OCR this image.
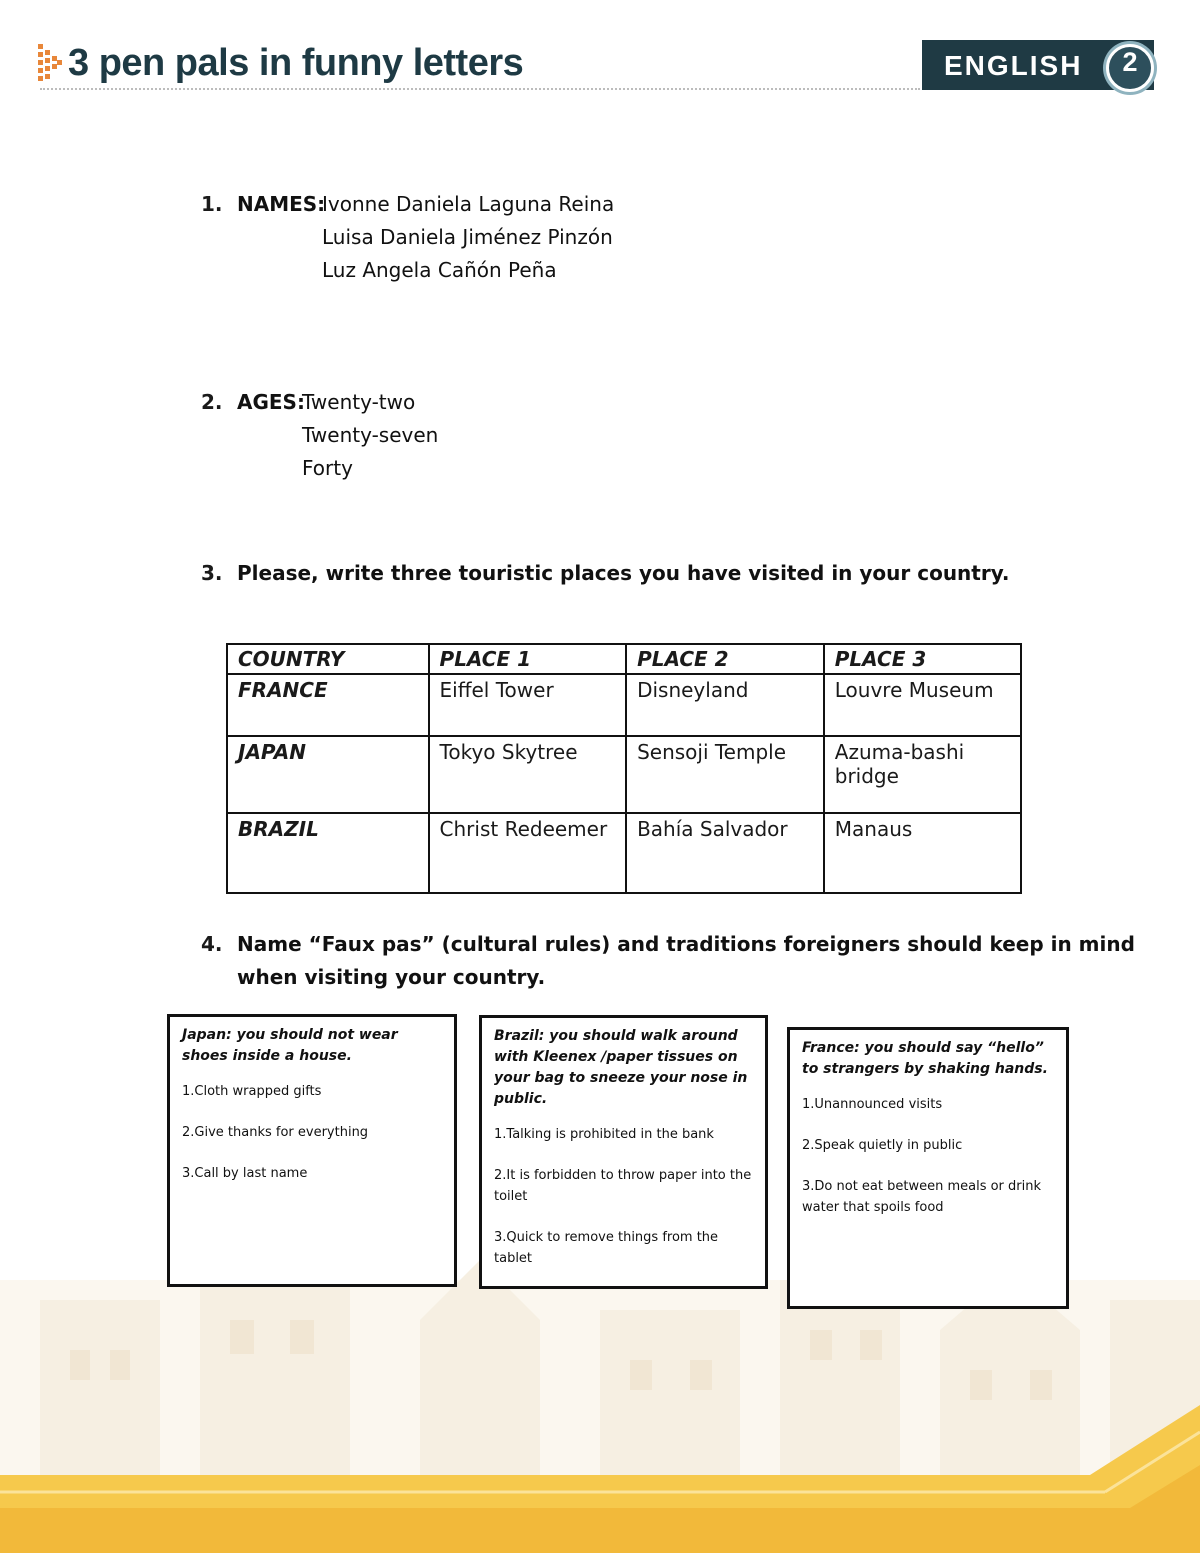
3 pen pals in funny letters	ENGLISH	2
1. NAMES:
Ivonne Daniela Laguna Reina
Luisa Daniela Jiménez Pinzón
Luz Angela Cañón Peña
2. AGES:
Twenty-two
Twenty-seven
Forty
3. Please, write three touristic places you have visited in your country.
COUNTRY	PLACE 1	PLACE 2	PLACE 3
FRANCE	Eiffel Tower	Disneyland	Louvre Museum
JAPAN	Tokyo Skytree	Sensoji Temple	Azuma-bashi bridge
BRAZIL	Christ Redeemer	Bahía Salvador	Manaus
4. Name “Faux pas” (cultural rules) and traditions foreigners should keep in mind
when visiting your country.
Japan: you should not wear shoes inside a house.
1.Cloth wrapped gifts
2.Give thanks for everything
3.Call by last name
Brazil: you should walk around with Kleenex /paper tissues on your bag to sneeze your nose in public.
1.Talking is prohibited in the bank
2.It is forbidden to throw paper into the toilet
3.Quick to remove things from the tablet
France: you should say “hello” to strangers by shaking hands.
1.Unannounced visits
2.Speak quietly in public
3.Do not eat between meals or drink water that spoils food
